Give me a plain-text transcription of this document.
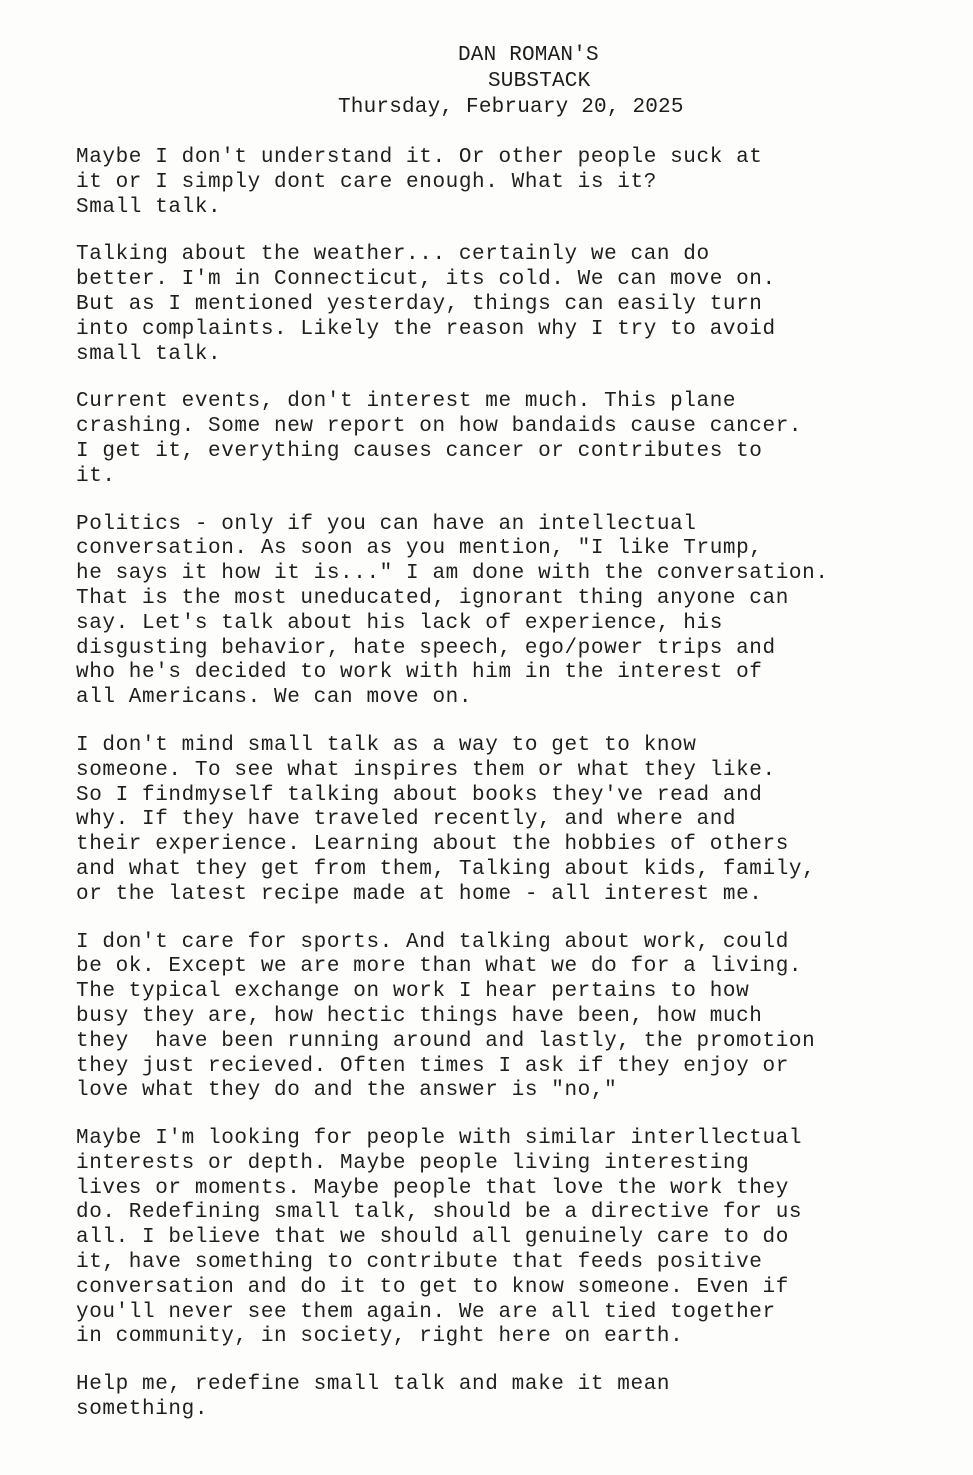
DAN ROMAN'S
SUBSTACK
Thursday, February 20, 2025
Maybe I don't understand it. Or other people suck at
it or I simply dont care enough. What is it?
Small talk.
Talking about the weather... certainly we can do
better. I'm in Connecticut, its cold. We can move on.
But as I mentioned yesterday, things can easily turn
into complaints. Likely the reason why I try to avoid
small talk.
Current events, don't interest me much. This plane
crashing. Some new report on how bandaids cause cancer.
I get it, everything causes cancer or contributes to
it.
Politics - only if you can have an intellectual
conversation. As soon as you mention, "I like Trump,
he says it how it is..." I am done with the conversation.
That is the most uneducated, ignorant thing anyone can
say. Let's talk about his lack of experience, his
disgusting behavior, hate speech, ego/power trips and
who he's decided to work with him in the interest of
all Americans. We can move on.
I don't mind small talk as a way to get to know
someone. To see what inspires them or what they like.
So I findmyself talking about books they've read and
why. If they have traveled recently, and where and
their experience. Learning about the hobbies of others
and what they get from them, Talking about kids, family,
or the latest recipe made at home - all interest me.
I don't care for sports. And talking about work, could
be ok. Except we are more than what we do for a living.
The typical exchange on work I hear pertains to how
busy they are, how hectic things have been, how much
they  have been running around and lastly, the promotion
they just recieved. Often times I ask if they enjoy or
love what they do and the answer is "no,"
Maybe I'm looking for people with similar interllectual
interests or depth. Maybe people living interesting
lives or moments. Maybe people that love the work they
do. Redefining small talk, should be a directive for us
all. I believe that we should all genuinely care to do
it, have something to contribute that feeds positive
conversation and do it to get to know someone. Even if
you'll never see them again. We are all tied together
in community, in society, right here on earth.
Help me, redefine small talk and make it mean
something.
